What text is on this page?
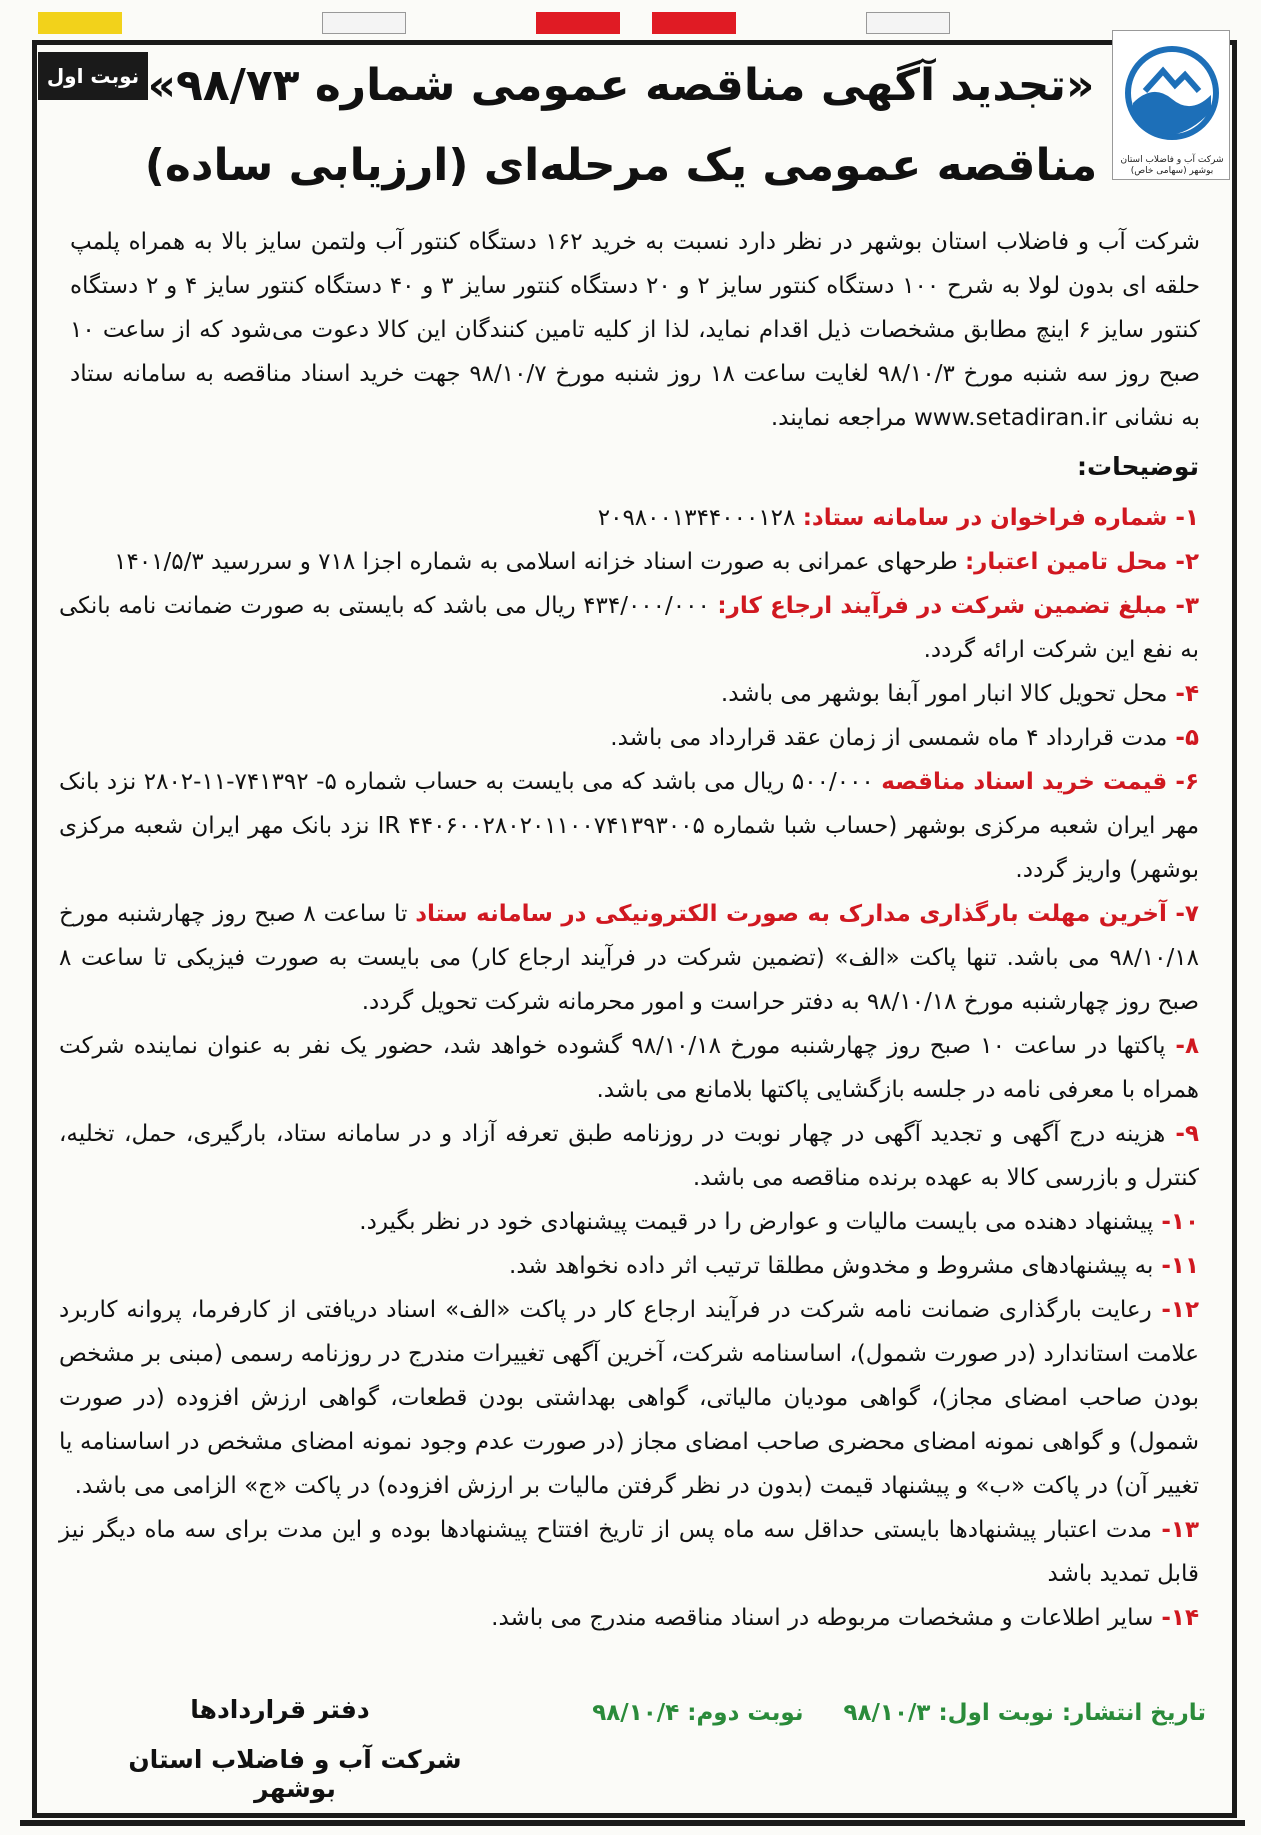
نوبت اول
شرکت آب و فاضلاب استان بوشهر (سهامی خاص)
«تجدید آگهی مناقصه عمومی شماره ۹۸/۷۳»
مناقصه عمومی یک مرحله‌ای (ارزیابی ساده)
شرکت آب و فاضلاب استان بوشهر در نظر دارد نسبت به خرید ۱۶۲ دستگاه کنتور آب ولتمن سایز بالا به همراه پلمپ حلقه ای بدون لولا به شرح ۱۰۰ دستگاه کنتور سایز ۲ و ۲۰ دستگاه کنتور سایز ۳ و ۴۰ دستگاه کنتور سایز ۴ و ۲ دستگاه کنتور سایز ۶ اینچ مطابق مشخصات ذیل اقدام نماید، لذا از کلیه تامین کنندگان این کالا دعوت می‌شود که از ساعت ۱۰ صبح روز سه شنبه مورخ ۹۸/۱۰/۳ لغایت ساعت ۱۸ روز شنبه مورخ ۹۸/۱۰/۷ جهت خرید اسناد مناقصه به سامانه ستاد به نشانی www.setadiran.ir مراجعه نمایند.
توضیحات:
۱- شماره فراخوان در سامانه ستاد: ۲۰۹۸۰۰۱۳۴۴۰۰۰۱۲۸
۲- محل تامین اعتبار: طرحهای عمرانی به صورت اسناد خزانه اسلامی به شماره اجزا ۷۱۸ و سررسید ۱۴۰۱/۵/۳
۳- مبلغ تضمین شرکت در فرآیند ارجاع کار: ۴۳۴/۰۰۰/۰۰۰ ریال می باشد که بایستی به صورت ضمانت نامه بانکی به نفع این شرکت ارائه گردد.
۴- محل تحویل کالا انبار امور آبفا بوشهر می باشد.
۵- مدت قرارداد ۴ ماه شمسی از زمان عقد قرارداد می باشد.
۶- قیمت خرید اسناد مناقصه ۵۰۰/۰۰۰ ریال می باشد که می بایست به حساب شماره ۵- ۷۴۱۳۹۲-۱۱-۲۸۰۲ نزد بانک مهر ایران شعبه مرکزی بوشهر (حساب شبا شماره IR ۴۴۰۶۰۰۲۸۰۲۰۱۱۰۰۷۴۱۳۹۳۰۰۵ نزد بانک مهر ایران شعبه مرکزی بوشهر) واریز گردد.
۷- آخرین مهلت بارگذاری مدارک به صورت الکترونیکی در سامانه ستاد تا ساعت ۸ صبح روز چهارشنبه مورخ ۹۸/۱۰/۱۸ می باشد. تنها پاکت «الف» (تضمین شرکت در فرآیند ارجاع کار) می بایست به صورت فیزیکی تا ساعت ۸ صبح روز چهارشنبه مورخ ۹۸/۱۰/۱۸ به دفتر حراست و امور محرمانه شرکت تحویل گردد.
۸- پاکتها در ساعت ۱۰ صبح روز چهارشنبه مورخ ۹۸/۱۰/۱۸ گشوده خواهد شد، حضور یک نفر به عنوان نماینده شرکت همراه با معرفی نامه در جلسه بازگشایی پاکتها بلامانع می باشد.
۹- هزینه درج آگهی و تجدید آگهی در چهار نوبت در روزنامه طبق تعرفه آزاد و در سامانه ستاد، بارگیری، حمل، تخلیه، کنترل و بازرسی کالا به عهده برنده مناقصه می باشد.
۱۰- پیشنهاد دهنده می بایست مالیات و عوارض را در قیمت پیشنهادی خود در نظر بگیرد.
۱۱- به پیشنهادهای مشروط و مخدوش مطلقا ترتیب اثر داده نخواهد شد.
۱۲- رعایت بارگذاری ضمانت نامه شرکت در فرآیند ارجاع کار در پاکت «الف» اسناد دریافتی از کارفرما، پروانه کاربرد علامت استاندارد (در صورت شمول)، اساسنامه شرکت، آخرین آگهی تغییرات مندرج در روزنامه رسمی (مبنی بر مشخص بودن صاحب امضای مجاز)، گواهی مودیان مالیاتی، گواهی بهداشتی بودن قطعات، گواهی ارزش افزوده (در صورت شمول) و گواهی نمونه امضای محضری صاحب امضای مجاز (در صورت عدم وجود نمونه امضای مشخص در اساسنامه یا تغییر آن) در پاکت «ب» و پیشنهاد قیمت (بدون در نظر گرفتن مالیات بر ارزش افزوده) در پاکت «ج» الزامی می باشد.
۱۳- مدت اعتبار پیشنهادها بایستی حداقل سه ماه پس از تاریخ افتتاح پیشنهادها بوده و این مدت برای سه ماه دیگر نیز قابل تمدید باشد
۱۴- سایر اطلاعات و مشخصات مربوطه در اسناد مناقصه مندرج می باشد.
تاریخ انتشار: نوبت اول: ۹۸/۱۰/۳
نوبت دوم: ۹۸/۱۰/۴
دفتر قراردادها
شرکت آب و فاضلاب استان بوشهر
